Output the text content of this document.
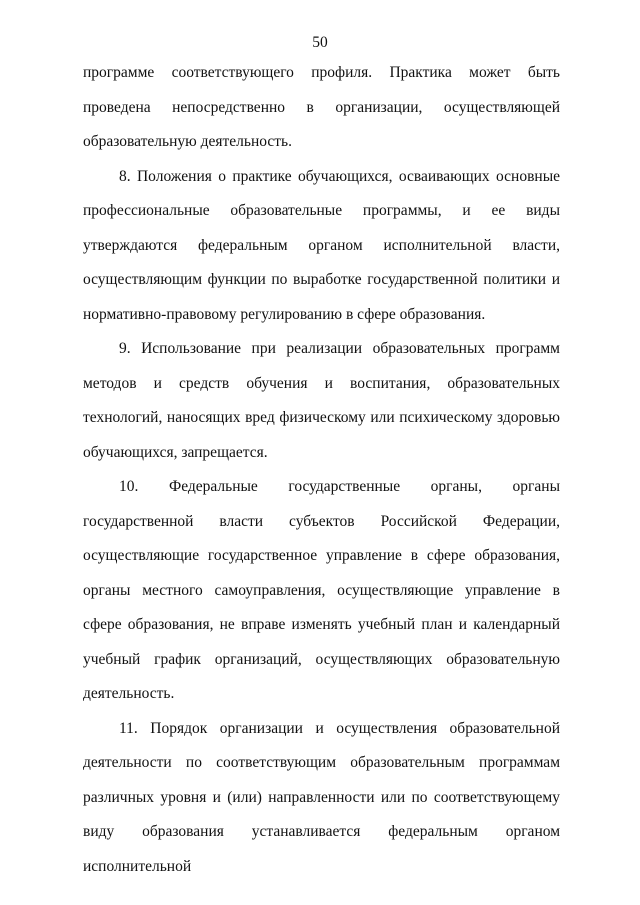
50

программе соответствующего профиля. Практика может быть проведена непосредственно в организации, осуществляющей образовательную деятельность.

8. Положения о практике обучающихся, осваивающих основные профессиональные образовательные программы, и ее виды утверждаются федеральным органом исполнительной власти, осуществляющим функции по выработке государственной политики и нормативно-правовому регулированию в сфере образования.

9. Использование при реализации образовательных программ методов и средств обучения и воспитания, образовательных технологий, наносящих вред физическому или психическому здоровью обучающихся, запрещается.

10. Федеральные государственные органы, органы государственной власти субъектов Российской Федерации, осуществляющие государственное управление в сфере образования, органы местного самоуправления, осуществляющие управление в сфере образования, не вправе изменять учебный план и календарный учебный график организаций, осуществляющих образовательную деятельность.

11. Порядок организации и осуществления образовательной деятельности по соответствующим образовательным программам различных уровня и (или) направленности или по соответствующему виду образования устанавливается федеральным органом исполнительной
